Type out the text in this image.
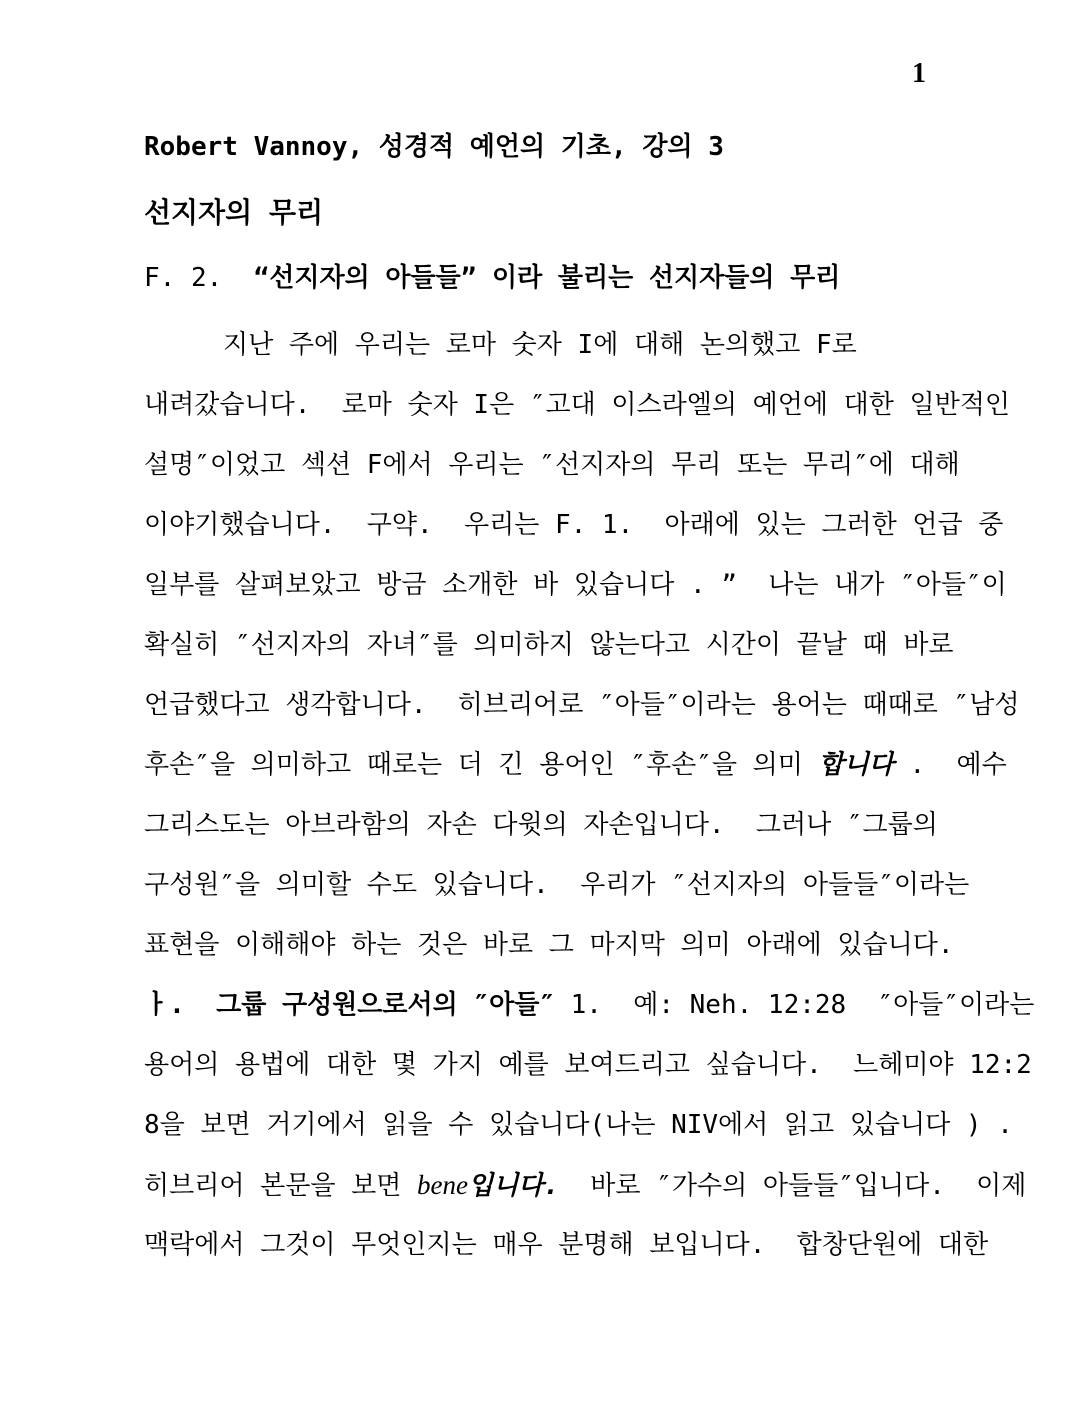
1
Robert Vannoy, 성경적 예언의 기초, 강의 3
선지자의 무리
F. 2.  “선지자의 아들들” 이라 불리는 선지자들의 무리
지난 주에 우리는 로마 숫자 I에 대해 논의했고 F로
내려갔습니다.  로마 숫자 I은 ″고대 이스라엘의 예언에 대한 일반적인
설명″이었고 섹션 F에서 우리는 ″선지자의 무리 또는 무리″에 대해
이야기했습니다.  구약.  우리는 F. 1.  아래에 있는 그러한 언급 중
일부를 살펴보았고 방금 소개한 바 있습니다 . ”  나는 내가 ″아들″이
확실히 ″선지자의 자녀″를 의미하지 않는다고 시간이 끝날 때 바로
언급했다고 생각합니다.  히브리어로 ″아들″이라는 용어는 때때로 ″남성
후손″을 의미하고 때로는 더 긴 용어인 ″후손″을 의미 합니다 .  예수
그리스도는 아브라함의 자손 다윗의 자손입니다.  그러나 ″그룹의
구성원″을 의미할 수도 있습니다.  우리가 ″선지자의 아들들″이라는
표현을 이해해야 하는 것은 바로 그 마지막 의미 아래에 있습니다.
ㅏ.  그룹 구성원으로서의 ″아들″ 1.  예: Neh. 12:28  ″아들″이라는
용어의 용법에 대한 몇 가지 예를 보여드리고 싶습니다.  느헤미야 12:2
8을 보면 거기에서 읽을 수 있습니다(나는 NIV에서 읽고 있습니다 ) .
히브리어 본문을 보면 bene입니다.  바로 ″가수의 아들들″입니다.  이제
맥락에서 그것이 무엇인지는 매우 분명해 보입니다.  합창단원에 대한
